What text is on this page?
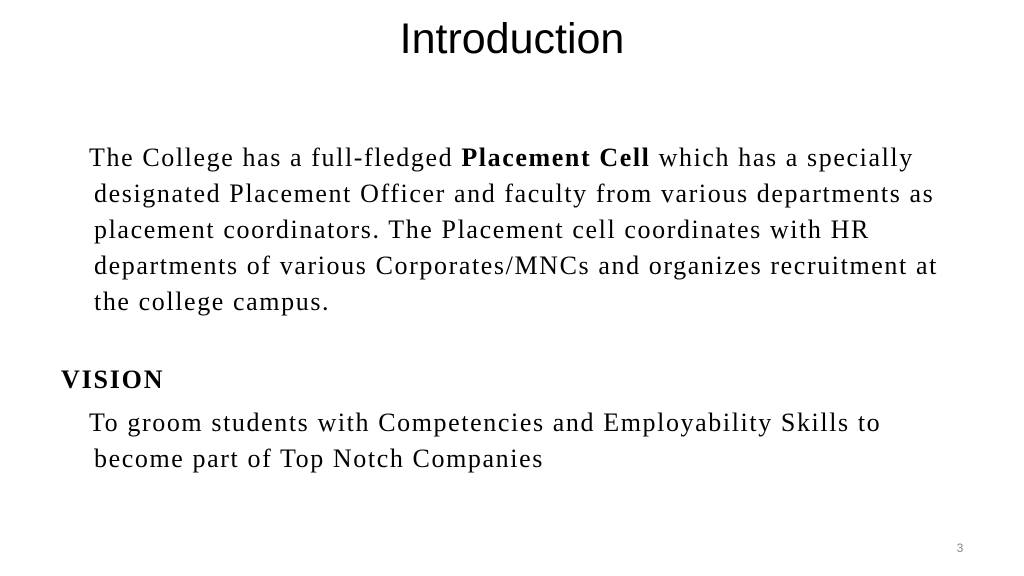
Introduction

The College has a full-fledged Placement Cell which has a specially designated Placement Officer and faculty from various departments as placement coordinators. The Placement cell coordinates with HR departments of various Corporates/MNCs and organizes recruitment at the college campus.

VISION

To groom students with Competencies and Employability Skills to become part of Top Notch Companies

3
